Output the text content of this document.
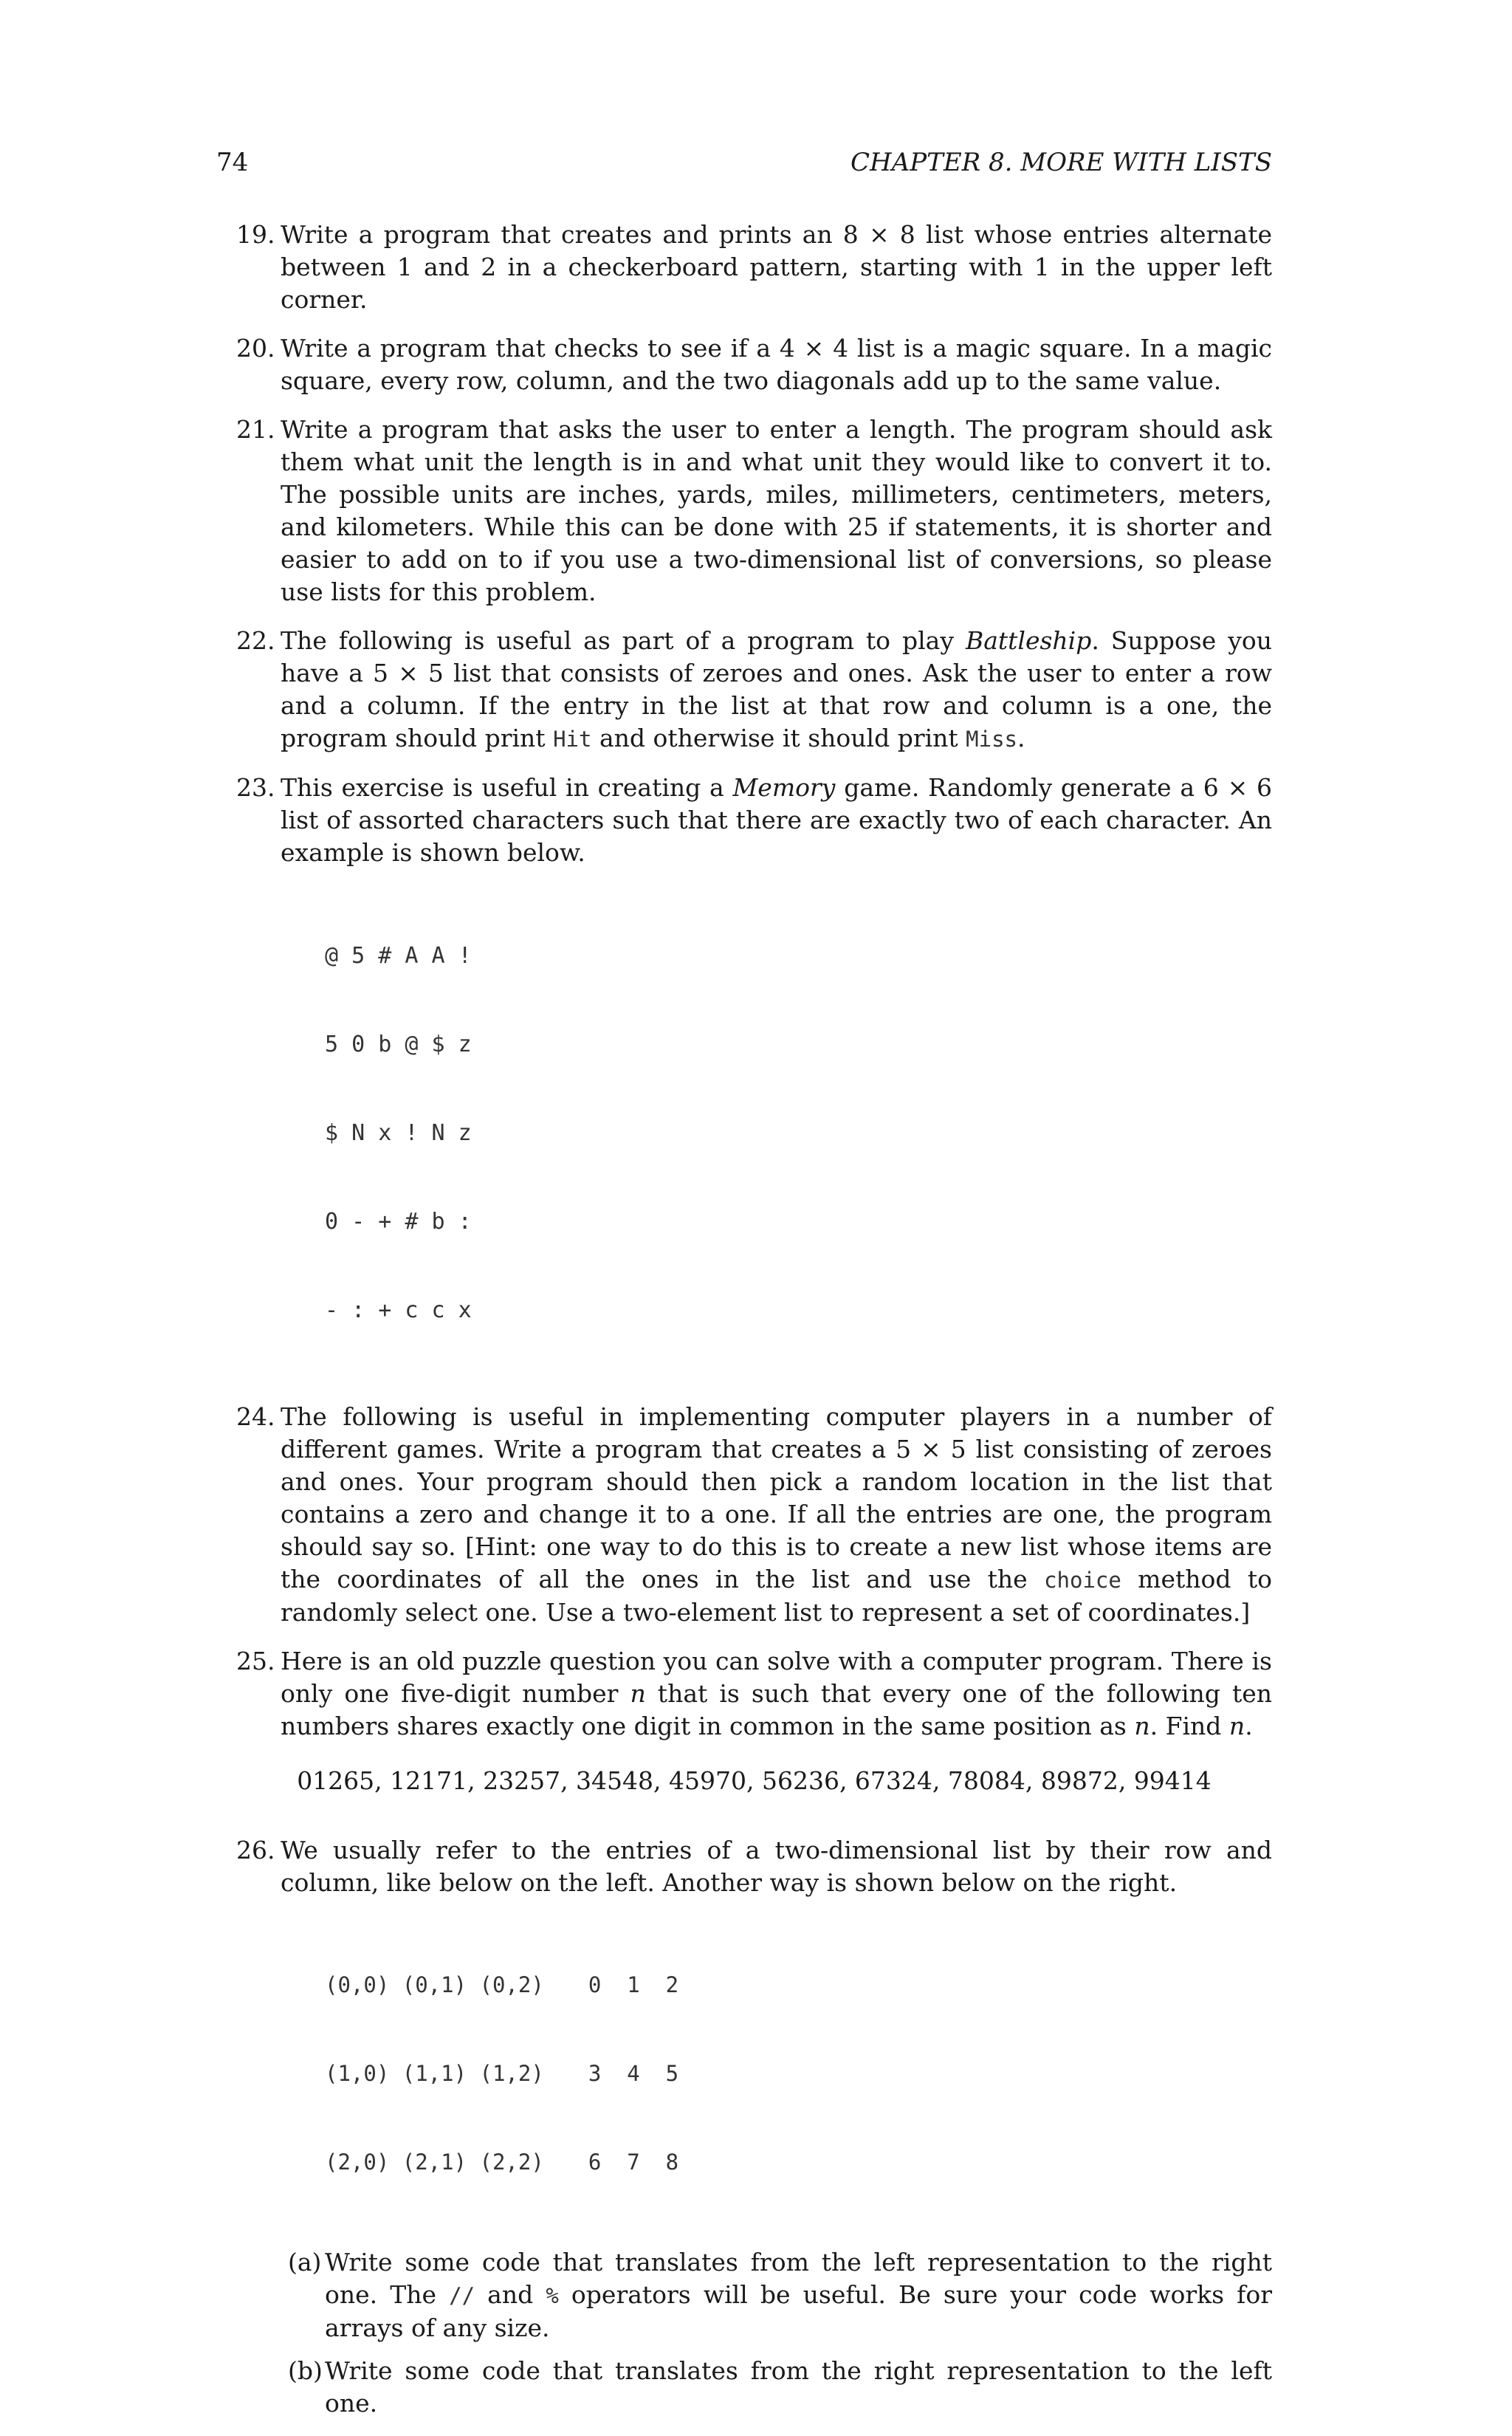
74	CHAPTER 8. MORE WITH LISTS
19. Write a program that creates and prints an 8 × 8 list whose entries alternate between 1 and 2 in a checkerboard pattern, starting with 1 in the upper left corner.
20. Write a program that checks to see if a 4 × 4 list is a magic square. In a magic square, every row, column, and the two diagonals add up to the same value.
21. Write a program that asks the user to enter a length. The program should ask them what unit the length is in and what unit they would like to convert it to. The possible units are inches, yards, miles, millimeters, centimeters, meters, and kilometers. While this can be done with 25 if statements, it is shorter and easier to add on to if you use a two-dimensional list of conversions, so please use lists for this problem.
22. The following is useful as part of a program to play Battleship. Suppose you have a 5 × 5 list that consists of zeroes and ones. Ask the user to enter a row and a column. If the entry in the list at that row and column is a one, the program should print Hit and otherwise it should print Miss.
23. This exercise is useful in creating a Memory game. Randomly generate a 6 × 6 list of assorted characters such that there are exactly two of each character. An example is shown below.

@ 5 # A A !

5 0 b @ $ z

$ N x ! N z

0 - + # b :

- : + c c x

24. The following is useful in implementing computer players in a number of different games. Write a program that creates a 5 × 5 list consisting of zeroes and ones. Your program should then pick a random location in the list that contains a zero and change it to a one. If all the entries are one, the program should say so. [Hint: one way to do this is to create a new list whose items are the coordinates of all the ones in the list and use the choice method to randomly select one. Use a two-element list to represent a set of coordinates.]
25. Here is an old puzzle question you can solve with a computer program. There is only one five-digit number n that is such that every one of the following ten numbers shares exactly one digit in common in the same position as n. Find n.
01265, 12171, 23257, 34548, 45970, 56236, 67324, 78084, 89872, 99414
26. We usually refer to the entries of a two-dimensional list by their row and column, like below on the left. Another way is shown below on the right.

(0,0) (0,1) (0,2)

(1,0) (1,1) (1,2)

(2,0) (2,1) (2,2)

0  1  2

3  4  5

6  7  8

(a) Write some code that translates from the left representation to the right one. The // and % operators will be useful. Be sure your code works for arrays of any size.
(b) Write some code that translates from the right representation to the left one.
